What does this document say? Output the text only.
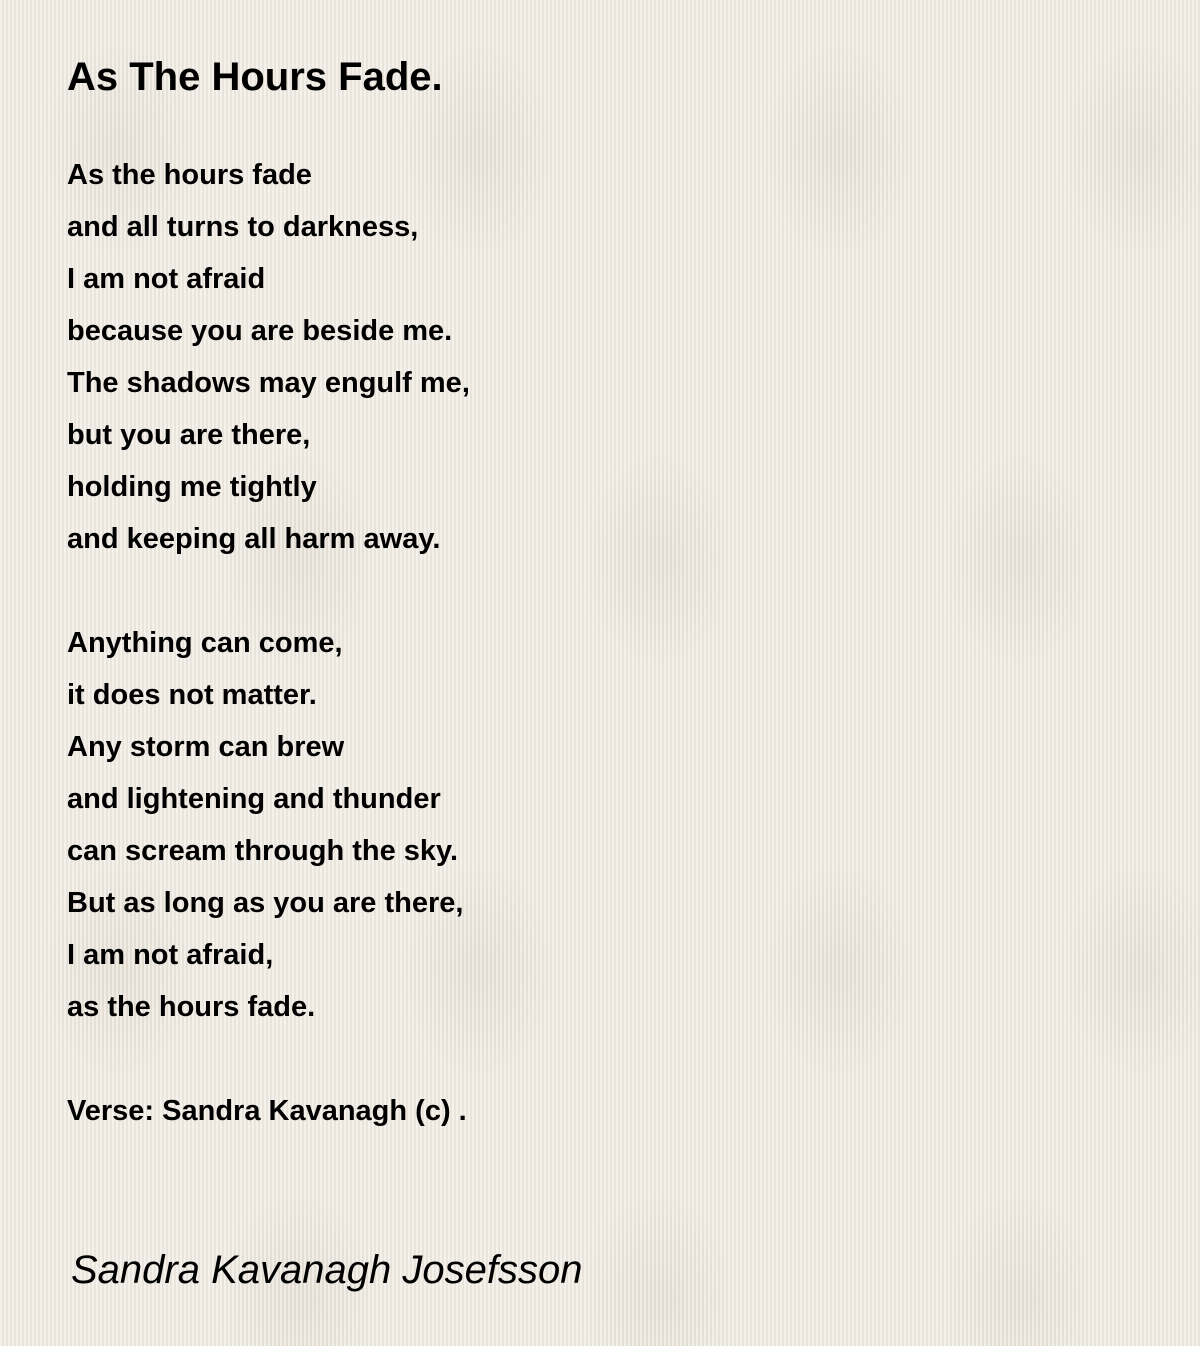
As The Hours Fade.
As the hours fade
and all turns to darkness,
I am not afraid
because you are beside me.
The shadows may engulf me,
but you are there,
holding me tightly
and keeping all harm away.
Anything can come,
it does not matter.
Any storm can brew
and lightening and thunder
can scream through the sky.
But as long as you are there,
I am not afraid,
as the hours fade.
Verse: Sandra Kavanagh (c) .
Sandra Kavanagh Josefsson
